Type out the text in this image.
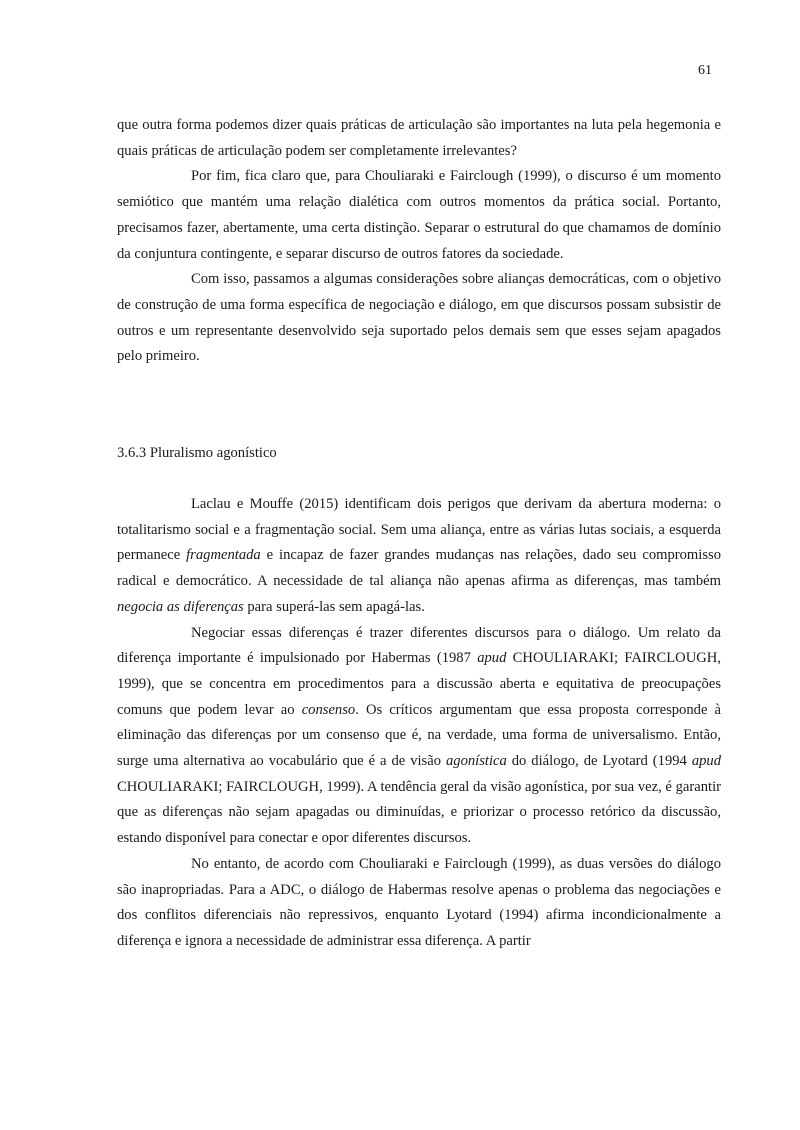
61

que outra forma podemos dizer quais práticas de articulação são importantes na luta pela hegemonia e quais práticas de articulação podem ser completamente irrelevantes?

Por fim, fica claro que, para Chouliaraki e Fairclough (1999), o discurso é um momento semiótico que mantém uma relação dialética com outros momentos da prática social. Portanto, precisamos fazer, abertamente, uma certa distinção. Separar o estrutural do que chamamos de domínio da conjuntura contingente, e separar discurso de outros fatores da sociedade.

Com isso, passamos a algumas considerações sobre alianças democráticas, com o objetivo de construção de uma forma específica de negociação e diálogo, em que discursos possam subsistir de outros e um representante desenvolvido seja suportado pelos demais sem que esses sejam apagados pelo primeiro.

3.6.3 Pluralismo agonístico

Laclau e Mouffe (2015) identificam dois perigos que derivam da abertura moderna: o totalitarismo social e a fragmentação social. Sem uma aliança, entre as várias lutas sociais, a esquerda permanece fragmentada e incapaz de fazer grandes mudanças nas relações, dado seu compromisso radical e democrático. A necessidade de tal aliança não apenas afirma as diferenças, mas também negocia as diferenças para superá-las sem apagá-las.

Negociar essas diferenças é trazer diferentes discursos para o diálogo. Um relato da diferença importante é impulsionado por Habermas (1987 apud CHOULIARAKI; FAIRCLOUGH, 1999), que se concentra em procedimentos para a discussão aberta e equitativa de preocupações comuns que podem levar ao consenso. Os críticos argumentam que essa proposta corresponde à eliminação das diferenças por um consenso que é, na verdade, uma forma de universalismo. Então, surge uma alternativa ao vocabulário que é a de visão agonística do diálogo, de Lyotard (1994 apud CHOULIARAKI; FAIRCLOUGH, 1999). A tendência geral da visão agonística, por sua vez, é garantir que as diferenças não sejam apagadas ou diminuídas, e priorizar o processo retórico da discussão, estando disponível para conectar e opor diferentes discursos.

No entanto, de acordo com Chouliaraki e Fairclough (1999), as duas versões do diálogo são inapropriadas. Para a ADC, o diálogo de Habermas resolve apenas o problema das negociações e dos conflitos diferenciais não repressivos, enquanto Lyotard (1994) afirma incondicionalmente a diferença e ignora a necessidade de administrar essa diferença. A partir
